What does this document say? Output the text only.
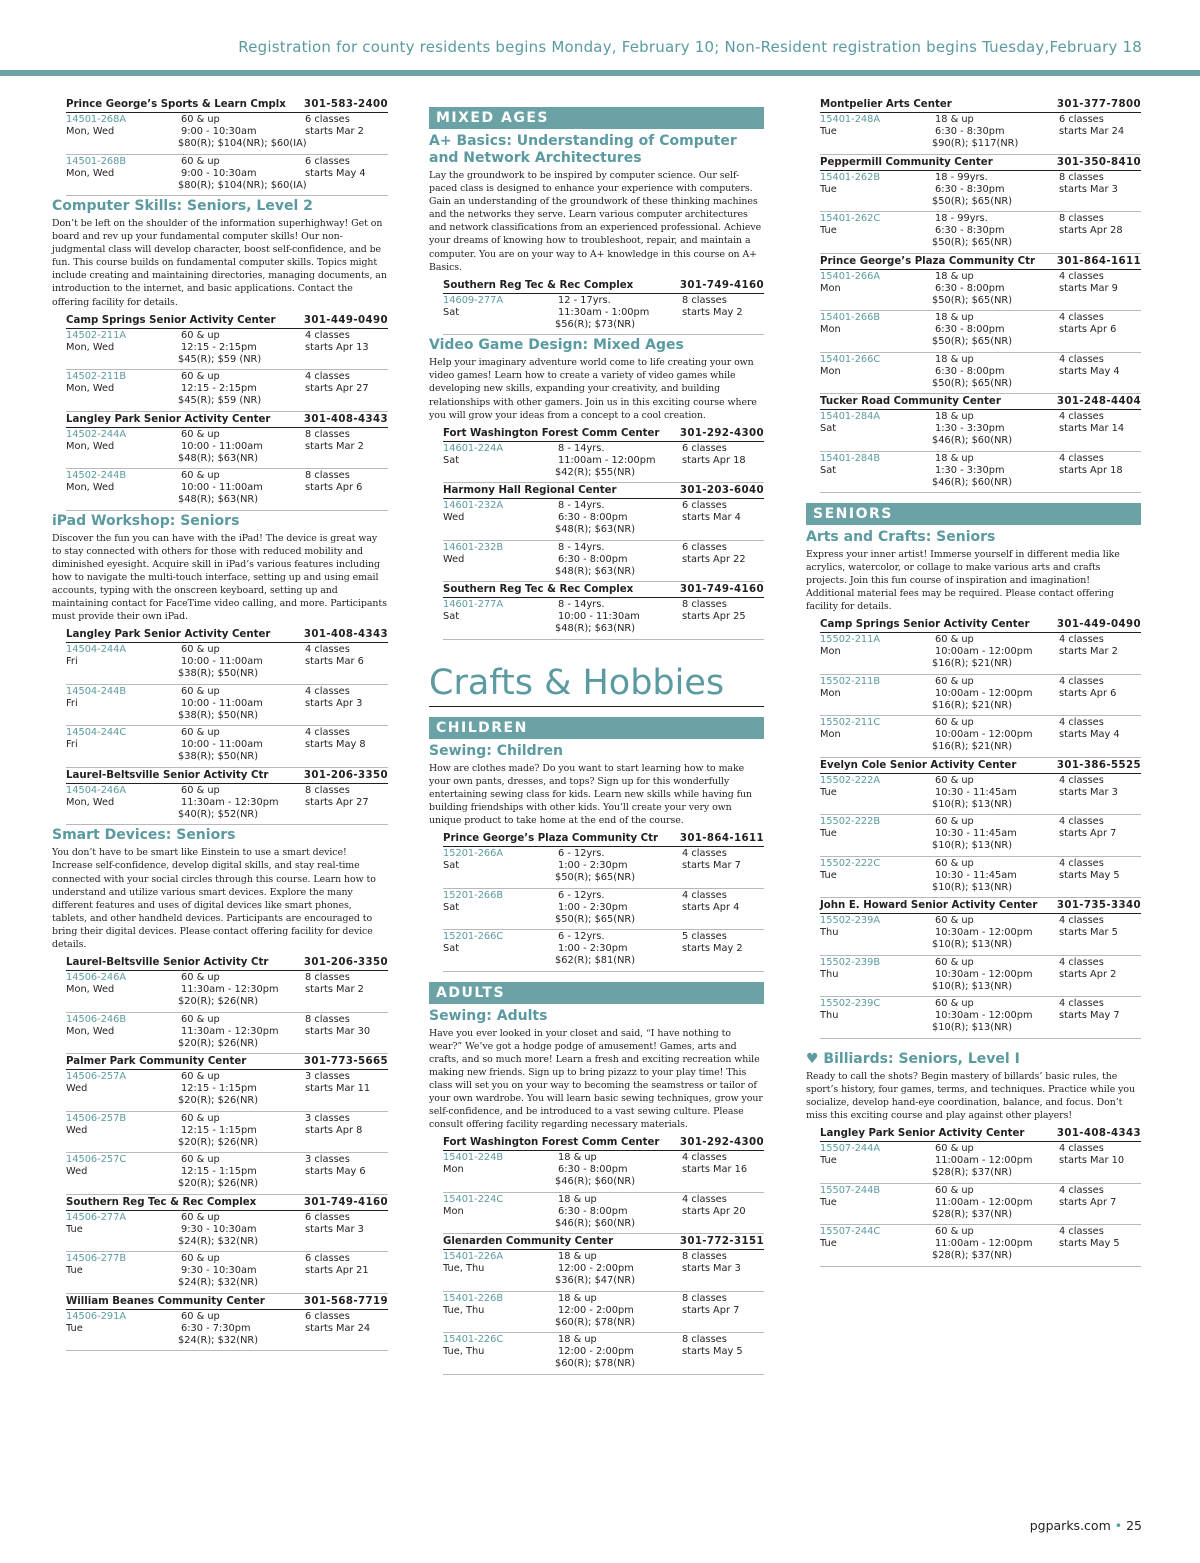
Registration for county residents begins Monday, February 10; Non-Resident registration begins Tuesday,February 18
Prince George’s Sports & Learn Cmplx 301-583-2400
14501-268A
Mon, Wed
60 & up
9:00 - 10:30am
$80(R); $104(NR); $60(IA)
6 classes
starts Mar 2
14501-268B
Mon, Wed
60 & up
9:00 - 10:30am
$80(R); $104(NR); $60(IA)
6 classes
starts May 4
Computer Skills: Seniors, Level 2
Don’t be left on the shoulder of the information superhighway! Get on board and rev up your fundamental computer skills! Our non-judgmental class will develop character, boost self-confidence, and be fun. This course builds on fundamental computer skills. Topics might include creating and maintaining directories, managing documents, an introduction to the internet, and basic applications. Contact the offering facility for details.
Camp Springs Senior Activity Center	301-449-0490
14502-211A
Mon, Wed
60 & up
12:15 - 2:15pm
$45(R); $59 (NR)
4 classes
starts Apr 13
14502-211B
Mon, Wed
60 & up
12:15 - 2:15pm
$45(R); $59 (NR)
4 classes
starts Apr 27
Langley Park Senior Activity Center	301-408-4343
14502-244A
Mon, Wed
60 & up
10:00 - 11:00am
$48(R); $63(NR)
8 classes
starts Mar 2
14502-244B
Mon, Wed
60 & up
10:00 - 11:00am
$48(R); $63(NR)
8 classes
starts Apr 6
iPad Workshop: Seniors
Discover the fun you can have with the iPad! The device is great way to stay connected with others for those with reduced mobility and diminished eyesight. Acquire skill in iPad’s various features including how to navigate the multi-touch interface, setting up and using email accounts, typing with the onscreen keyboard, setting up and maintaining contact for FaceTime video calling, and more. Participants must provide their own iPad.
Langley Park Senior Activity Center	301-408-4343
14504-244A
Fri
60 & up
10:00 - 11:00am
$38(R); $50(NR)
4 classes
starts Mar 6
14504-244B
Fri
60 & up
10:00 - 11:00am
$38(R); $50(NR)
4 classes
starts Apr 3
14504-244C
Fri
60 & up
10:00 - 11:00am
$38(R); $50(NR)
4 classes
starts May 8
Laurel-Beltsville Senior Activity Ctr	301-206-3350
14504-246A
Mon, Wed
60 & up
11:30am - 12:30pm
$40(R); $52(NR)
8 classes
starts Apr 27
Smart Devices: Seniors
You don’t have to be smart like Einstein to use a smart device! Increase self-confidence, develop digital skills, and stay real-time connected with your social circles through this course. Learn how to understand and utilize various smart devices. Explore the many different features and uses of digital devices like smart phones, tablets, and other handheld devices. Participants are encouraged to bring their digital devices. Please contact offering facility for device details.
Laurel-Beltsville Senior Activity Ctr	301-206-3350
14506-246A
Mon, Wed
60 & up
11:30am - 12:30pm
$20(R); $26(NR)
8 classes
starts Mar 2
14506-246B
Mon, Wed
60 & up
11:30am - 12:30pm
$20(R); $26(NR)
8 classes
starts Mar 30
Palmer Park Community Center	301-773-5665
14506-257A
Wed
60 & up
12:15 - 1:15pm
$20(R); $26(NR)
3 classes
starts Mar 11
14506-257B
Wed
60 & up
12:15 - 1:15pm
$20(R); $26(NR)
3 classes
starts Apr 8
14506-257C
Wed
60 & up
12:15 - 1:15pm
$20(R); $26(NR)
3 classes
starts May 6
Southern Reg Tec & Rec Complex	301-749-4160
14506-277A
Tue
60 & up
9:30 - 10:30am
$24(R); $32(NR)
6 classes
starts Mar 3
14506-277B
Tue
60 & up
9:30 - 10:30am
$24(R); $32(NR)
6 classes
starts Apr 21
William Beanes Community Center	301-568-7719
14506-291A
Tue
60 & up
6:30 - 7:30pm
$24(R); $32(NR)
6 classes
starts Mar 24
MIXED AGES
A+ Basics: Understanding of Computer and Network Architectures
Lay the groundwork to be inspired by computer science. Our self-paced class is designed to enhance your experience with computers. Gain an understanding of the groundwork of these thinking machines and the networks they serve. Learn various computer architectures and network classifications from an experienced professional. Achieve your dreams of knowing how to troubleshoot, repair, and maintain a computer. You are on your way to A+ knowledge in this course on A+ Basics.
Southern Reg Tec & Rec Complex	301-749-4160
14609-277A
Sat
12 - 17yrs.
11:30am - 1:00pm
$56(R); $73(NR)
8 classes
starts May 2
Video Game Design: Mixed Ages
Help your imaginary adventure world come to life creating your own video games! Learn how to create a variety of video games while developing new skills, expanding your creativity, and building relationships with other gamers. Join us in this exciting course where you will grow your ideas from a concept to a cool creation.
Fort Washington Forest Comm Center 301-292-4300
14601-224A
Sat
8 - 14yrs.
11:00am - 12:00pm
$42(R); $55(NR)
6 classes
starts Apr 18
Harmony Hall Regional Center	301-203-6040
14601-232A
Wed
8 - 14yrs.
6:30 - 8:00pm
$48(R); $63(NR)
6 classes
starts Mar 4
14601-232B
Wed
8 - 14yrs.
6:30 - 8:00pm
$48(R); $63(NR)
6 classes
starts Apr 22
Southern Reg Tec & Rec Complex	301-749-4160
14601-277A
Sat
8 - 14yrs.
10:00 - 11:30am
$48(R); $63(NR)
8 classes
starts Apr 25
Crafts & Hobbies
CHILDREN
Sewing: Children
How are clothes made? Do you want to start learning how to make your own pants, dresses, and tops? Sign up for this wonderfully entertaining sewing class for kids. Learn new skills while having fun building friendships with other kids. You’ll create your very own unique product to take home at the end of the course.
Prince George’s Plaza Community Ctr 301-864-1611
15201-266A
Sat
6 - 12yrs.
1:00 - 2:30pm
$50(R); $65(NR)
4 classes
starts Mar 7
15201-266B
Sat
6 - 12yrs.
1:00 - 2:30pm
$50(R); $65(NR)
4 classes
starts Apr 4
15201-266C
Sat
6 - 12yrs.
1:00 - 2:30pm
$62(R); $81(NR)
5 classes
starts May 2
ADULTS
Sewing: Adults
Have you ever looked in your closet and said, “I have nothing to wear?” We’ve got a hodge podge of amusement! Games, arts and crafts, and so much more! Learn a fresh and exciting recreation while making new friends. Sign up to bring pizazz to your play time! This class will set you on your way to becoming the seamstress or tailor of your own wardrobe. You will learn basic sewing techniques, grow your self-confidence, and be introduced to a vast sewing culture. Please consult offering facility regarding necessary materials.
Fort Washington Forest Comm Center 301-292-4300
15401-224B
Mon
18 & up
6:30 - 8:00pm
$46(R); $60(NR)
4 classes
starts Mar 16
15401-224C
Mon
18 & up
6:30 - 8:00pm
$46(R); $60(NR)
4 classes
starts Apr 20
Glenarden Community Center	301-772-3151
15401-226A
Tue, Thu
18 & up
12:00 - 2:00pm
$36(R); $47(NR)
8 classes
starts Mar 3
15401-226B
Tue, Thu
18 & up
12:00 - 2:00pm
$60(R); $78(NR)
8 classes
starts Apr 7
15401-226C
Tue, Thu
18 & up
12:00 - 2:00pm
$60(R); $78(NR)
8 classes
starts May 5
Montpelier Arts Center	301-377-7800
15401-248A
Tue
18 & up
6:30 - 8:30pm
$90(R); $117(NR)
6 classes
starts Mar 24
Peppermill Community Center	301-350-8410
15401-262B
Tue
18 - 99yrs.
6:30 - 8:30pm
$50(R); $65(NR)
8 classes
starts Mar 3
15401-262C
Tue
18 - 99yrs.
6:30 - 8:30pm
$50(R); $65(NR)
8 classes
starts Apr 28
Prince George’s Plaza Community Ctr 301-864-1611
15401-266A
Mon
18 & up
6:30 - 8:00pm
$50(R); $65(NR)
4 classes
starts Mar 9
15401-266B
Mon
18 & up
6:30 - 8:00pm
$50(R); $65(NR)
4 classes
starts Apr 6
15401-266C
Mon
18 & up
6:30 - 8:00pm
$50(R); $65(NR)
4 classes
starts May 4
Tucker Road Community Center	301-248-4404
15401-284A
Sat
18 & up
1:30 - 3:30pm
$46(R); $60(NR)
4 classes
starts Mar 14
15401-284B
Sat
18 & up
1:30 - 3:30pm
$46(R); $60(NR)
4 classes
starts Apr 18
SENIORS
Arts and Crafts: Seniors
Express your inner artist! Immerse yourself in different media like acrylics, watercolor, or collage to make various arts and crafts projects. Join this fun course of inspiration and imagination! Additional material fees may be required. Please contact offering facility for details.
Camp Springs Senior Activity Center	301-449-0490
15502-211A
Mon
60 & up
10:00am - 12:00pm
$16(R); $21(NR)
4 classes
starts Mar 2
15502-211B
Mon
60 & up
10:00am - 12:00pm
$16(R); $21(NR)
4 classes
starts Apr 6
15502-211C
Mon
60 & up
10:00am - 12:00pm
$16(R); $21(NR)
4 classes
starts May 4
Evelyn Cole Senior Activity Center	301-386-5525
15502-222A
Tue
60 & up
10:30 - 11:45am
$10(R); $13(NR)
4 classes
starts Mar 3
15502-222B
Tue
60 & up
10:30 - 11:45am
$10(R); $13(NR)
4 classes
starts Apr 7
15502-222C
Tue
60 & up
10:30 - 11:45am
$10(R); $13(NR)
4 classes
starts May 5
John E. Howard Senior Activity Center 301-735-3340
15502-239A
Thu
60 & up
10:30am - 12:00pm
$10(R); $13(NR)
4 classes
starts Mar 5
15502-239B
Thu
60 & up
10:30am - 12:00pm
$10(R); $13(NR)
4 classes
starts Apr 2
15502-239C
Thu
60 & up
10:30am - 12:00pm
$10(R); $13(NR)
4 classes
starts May 7
♥ Billiards: Seniors, Level I
Ready to call the shots? Begin mastery of billards’ basic rules, the sport’s history, four games, terms, and techniques. Practice while you socialize, develop hand-eye coordination, balance, and focus. Don’t miss this exciting course and play against other players!
Langley Park Senior Activity Center	301-408-4343
15507-244A
Tue
60 & up
11:00am - 12:00pm
$28(R); $37(NR)
4 classes
starts Mar 10
15507-244B
Tue
60 & up
11:00am - 12:00pm
$28(R); $37(NR)
4 classes
starts Apr 7
15507-244C
Tue
60 & up
11:00am - 12:00pm
$28(R); $37(NR)
4 classes
starts May 5
pgparks.com • 25
